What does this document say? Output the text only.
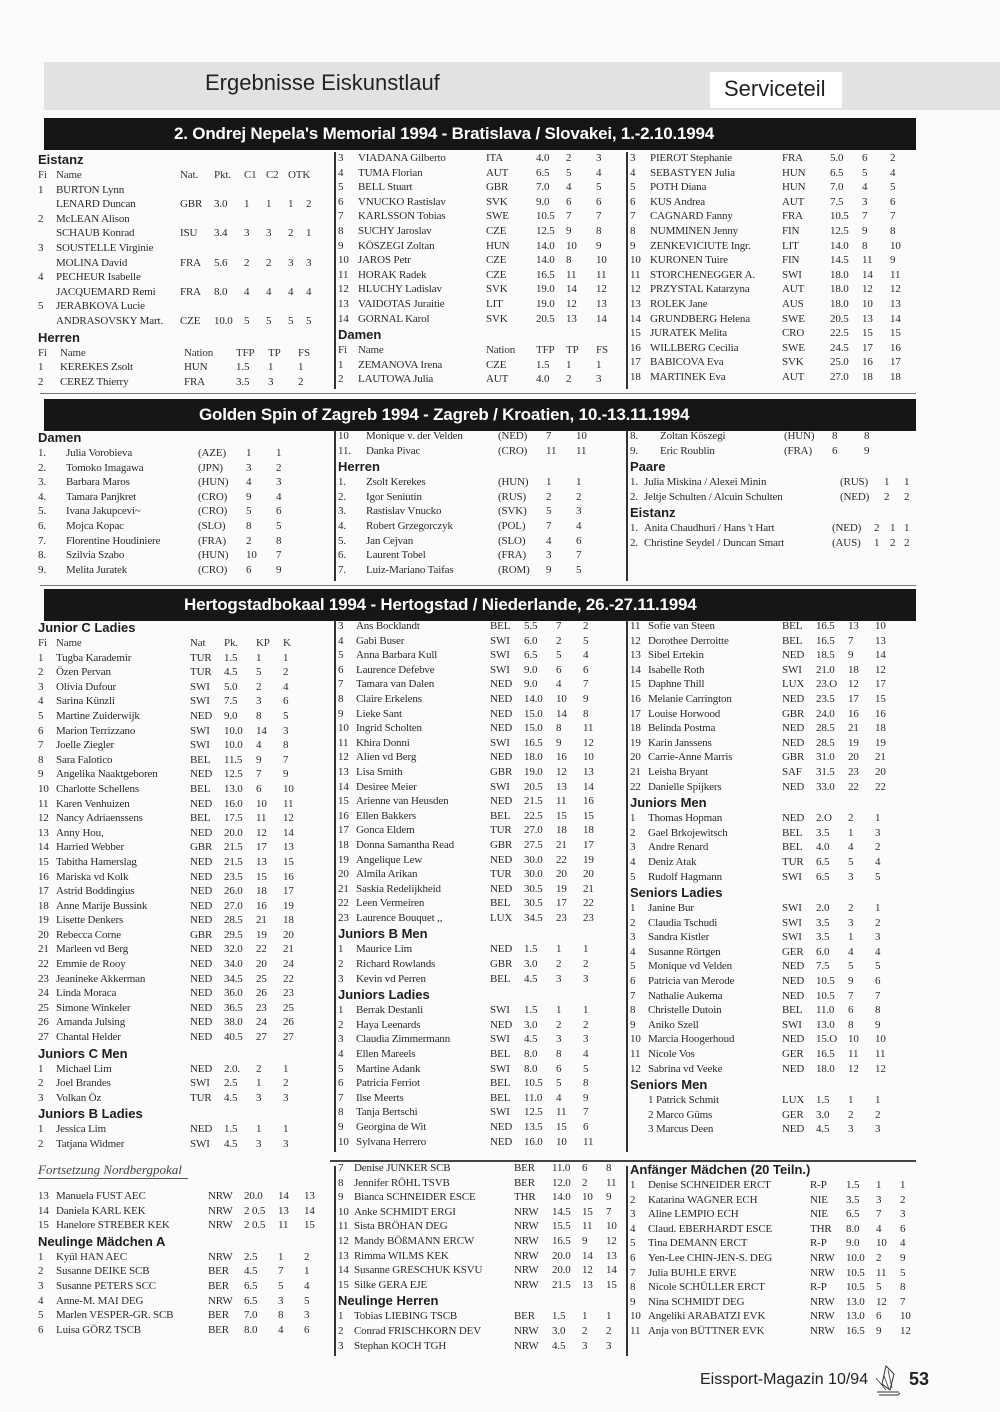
Ergebnisse Eiskunstlauf	Serviceteil
2. Ondrej Nepela's Memorial 1994 - Bratislava / Slovakei, 1.-2.10.1994
Eistanz
Fi	Name	Nat.	Pkt.	C1	C2	OTK	
1	BURTON Lynn						
	LENARD Duncan	GBR	3.0	1	1	1	2
2	McLEAN Alison						
	SCHAUB Konrad	ISU	3.4	3	3	2	1
3	SOUSTELLE Virginie						
	MOLINA David	FRA	5.6	2	2	3	3
4	PECHEUR Isabelle						
	JACQUEMARD Remi	FRA	8.0	4	4	4	4
5	JERABKOVA Lucie						
	ANDRASOVSKY Mart.	CZE	10.0	5	5	5	5
Herren
Fi	Name	Nation	TFP	TP	FS
1	KEREKES Zsolt	HUN	1.5	1	1
2	CEREZ Thierry	FRA	3.5	3	2
3	VIADANA Gilberto	ITA	4.0	2	3
4	TUMA Florian	AUT	6.5	5	4
5	BELL Stuart	GBR	7.0	4	5
6	VNUCKO Rastislav	SVK	9.0	6	6
7	KARLSSON Tobias	SWE	10.5	7	7
8	SUCHY Jaroslav	CZE	12.5	9	8
9	KÖSZEGI Zoltan	HUN	14.0	10	9
10	JAROS Petr	CZE	14.0	8	10
11	HORAK Radek	CZE	16.5	11	11
12	HLUCHY Ladislav	SVK	19.0	14	12
13	VAIDOTAS Juraitie	LIT	19.0	12	13
14	GORNAL Karol	SVK	20.5	13	14
Damen
Fi	Name	Nation	TFP	TP	FS
1	ZEMANOVA Irena	CZE	1.5	1	1
2	LAUTOWA Julia	AUT	4.0	2	3
3	PIEROT Stephanie	FRA	5.0	6	2
4	SEBASTYEN Julia	HUN	6.5	5	4
5	POTH Diana	HUN	7.0	4	5
6	KUS Andrea	AUT	7.5	3	6
7	CAGNARD Fanny	FRA	10.5	7	7
8	NUMMINEN Jenny	FIN	12.5	9	8
9	ZENKEVICIUTE Ingr.	LIT	14.0	8	10
10	KURONEN Tuire	FIN	14.5	11	9
11	STORCHENEGGER A.	SWI	18.0	14	11
12	PRZYSTAL Katarzyna	AUT	18.0	12	12
13	ROLEK Jane	AUS	18.0	10	13
14	GRUNDBERG Helena	SWE	20.5	13	14
15	JURATEK Melita	CRO	22.5	15	15
16	WILLBERG Cecilia	SWE	24.5	17	16
17	BABICOVA Eva	SVK	25.0	16	17
18	MARTINEK Eva	AUT	27.0	18	18
Golden Spin of Zagreb 1994 - Zagreb / Kroatien, 10.-13.11.1994
Damen
1.	Julia Vorobieva	(AZE)	1	1
2.	Tomoko Imagawa	(JPN)	3	2
3.	Barbara Maros	(HUN)	4	3
4.	Tamara Panjkret	(CRO)	9	4
5.	Ivana Jakupcevi~	(CRO)	5	6
6.	Mojca Kopac	(SLO)	8	5
7.	Florentine Houdiniere	(FRA)	2	8
8.	Szilvia Szabo	(HUN)	10	7
9.	Melita Juratek	(CRO)	6	9
10	Monique v. der Velden	(NED)	7	10
11.	Danka Pivac	(CRO)	11	11
Herren
1.	Zsolt Kerekes	(HUN)	1	1
2.	Igor Seniutin	(RUS)	2	2
3.	Rastislav Vnucko	(SVK)	5	3
4.	Robert Grzegorczyk	(POL)	7	4
5.	Jan Cejvan	(SLO)	4	6
6.	Laurent Tobel	(FRA)	3	7
7.	Luiz-Mariano Taifas	(ROM)	9	5
8.	Zoltan Köszegi	(HUN)	8	8
9.	Eric Roublin	(FRA)	6	9
Paare
1.	Julia Miskina / Alexei Minin	(RUS)	1	1
2.	Jeltje Schulten / Alcuin Schulten	(NED)	2	2
Eistanz
1.	Anita Chaudhuri / Hans 't Hart	(NED)	2	1	1
2.	Christine Seydel / Duncan Smart	(AUS)	1	2	2
Hertogstadbokaal 1994 - Hertogstad / Niederlande, 26.-27.11.1994
Junior C Ladies
Fi	Name	Nat	Pk.	KP	K
1	Tugba Karademir	TUR	1.5	1	1
2	Özen Pervan	TUR	4.5	5	2
3	Olivia Dufour	SWI	5.0	2	4
4	Sarina Künzli	SWI	7.5	3	6
5	Martine Zuiderwijk	NED	9.0	8	5
6	Marion Terrizzano	SWI	10.0	14	3
7	Joelle Ziegler	SWI	10.0	4	8
8	Sara Falotico	BEL	11.5	9	7
9	Angelika Naaktgeboren	NED	12.5	7	9
10	Charlotte Schellens	BEL	13.0	6	10
11	Karen Venhuizen	NED	16.0	10	11
12	Nancy Adriaenssens	BEL	17.5	11	12
13	Anny Hou,	NED	20.0	12	14
14	Harried Webber	GBR	21.5	17	13
15	Tabitha Hamerslag	NED	21.5	13	15
16	Mariska vd Kolk	NED	23.5	15	16
17	Astrid Boddingius	NED	26.0	18	17
18	Anne Marije Bussink	NED	27.0	16	19
19	Lisette Denkers	NED	28.5	21	18
20	Rebecca Corne	GBR	29.5	19	20
21	Marleen vd Berg	NED	32.0	22	21
22	Emmie de Rooy	NED	34.0	20	24
23	Jeanineke Akkerman	NED	34.5	25	22
24	Linda Moraca	NED	36.0	26	23
25	Simone Winkeler	NED	36.5	23	25
26	Amanda Julsing	NED	38.0	24	26
27	Chantal Helder	NED	40.5	27	27
Juniors C Men
1	Michael Lim	NED	2.0.	2	1
2	Joel Brandes	SWI	2.5	1	2
3	Volkan Öz	TUR	4.5	3	3
Juniors B Ladies
1	Jessica Lim	NED	1.5	1	1
2	Tatjana Widmer	SWI	4.5	3	3
3	Ans Bocklandt	BEL	5.5	7	2
4	Gabi Buser	SWI	6.0	2	5
5	Anna Barbara Kull	SWI	6.5	5	4
6	Laurence Defebve	SWI	9.0	6	6
7	Tamara van Dalen	NED	9.0	4	7
8	Claire Erkelens	NED	14.0	10	9
9	Lieke Sant	NED	15.0	14	8
10	Ingrid Scholten	NED	15.0	8	11
11	Khira Donni	SWI	16.5	9	12
12	Alien vd Berg	NED	18.0	16	10
13	Lisa Smith	GBR	19.0	12	13
14	Desiree Meier	SWI	20.5	13	14
15	Arienne van Heusden	NED	21.5	11	16
16	Ellen Bakkers	BEL	22.5	15	15
17	Gonca Eldem	TUR	27.0	18	18
18	Donna Samantha Read	GBR	27.5	21	17
19	Angelique Lew	NED	30.0	22	19
20	Almila Arikan	TUR	30.0	20	20
21	Saskia Redelijkheid	NED	30.5	19	21
22	Leen Vermeiren	BEL	30.5	17	22
23	Laurence Bouquet ,,	LUX	34.5	23	23
Juniors B Men
1	Maurice Lim	NED	1.5	1	1
2	Richard Rowlands	GBR	3.0	2	2
3	Kevin vd Perren	BEL	4.5	3	3
Juniors Ladies
1	Berrak Destanli	SWI	1.5	1	1
2	Haya Leenards	NED	3.0	2	2
3	Claudia Zimmermann	SWI	4.5	3	3
4	Ellen Mareels	BEL	8.0	8	4
5	Martine Adank	SWI	8.0	6	5
6	Patricia Ferriot	BEL	10.5	5	8
7	Ilse Meerts	BEL	11.0	4	9
8	Tanja Bertschi	SWI	12.5	11	7
9	Georgina de Wit	NED	13.5	15	6
10	Sylvana Herrero	NED	16.0	10	11
11	Sofie van Steen	BEL	16.5	13	10
12	Dorothee Derroitte	BEL	16.5	7	13
13	Sibel Ertekin	NED	18.5	9	14
14	Isabelle Roth	SWI	21.0	18	12
15	Daphne Thill	LUX	23.O	12	17
16	Melanie Carrington	NED	23.5	17	15
17	Louise Horwood	GBR	24.0	16	16
18	Belinda Postma	NED	28.5	21	18
19	Karin Janssens	NED	28.5	19	19
20	Carrie-Anne Marris	GBR	31.0	20	21
21	Leisha Bryant	SAF	31.5	23	20
22	Danielle Spijkers	NED	33.0	22	22
Juniors Men
1	Thomas Hopman	NED	2.O	2	1
2	Gael Brkojewitsch	BEL	3.5	1	3
3	Andre Renard	BEL	4.0	4	2
4	Deniz Atak	TUR	6.5	5	4
5	Rudolf Hagmann	SWI	6.5	3	5
Seniors Ladies
1	Janine Bur	SWI	2.0	2	1
2	Claudia Tschudi	SWI	3.5	3	2
3	Sandra Kistler	SWI	3.5	1	3
4	Susanne Rörtgen	GER	6.0	4	4
5	Monique vd Velden	NED	7.5	5	5
6	Patricia van Merode	NED	10.5	9	6
7	Nathalie Aukema	NED	10.5	7	7
8	Christelle Dutoin	BEL	11.0	6	8
9	Aniko Szell	SWI	13.0	8	9
10	Marcia Hoogerhoud	NED	15.O	10	10
11	Nicole Vos	GER	16.5	11	11
12	Sabrina vd Veeke	NED	18.0	12	12
Seniors Men
	1 Patrick Schmit	LUX	1.5	1	1
	2 Marco Güms	GER	3.0	2	2
	3 Marcus Deen	NED	4.5	3	3
Fortsetzung Nordbergpokal
13	Manuela FUST AEC	NRW	20.0	14	13
14	Daniela KARL KEK	NRW	2 0.5	13	14
15	Hanelore STREBER KEK	NRW	2 0.5	11	15
Neulinge Mädchen A
1	Kyül HAN AEC	NRW	2.5	1	2
2	Susanne DEIKE SCB	BER	4.5	7	1
3	Susanne PETERS SCC	BER	6.5	5	4
4	Anne-M. MAI DEG	NRW	6.5	3	5
5	Marlen VESPER-GR. SCB	BER	7.0	8	3
6	Luisa GÖRZ TSCB	BER	8.0	4	6
7	Denise JUNKER SCB	BER	11.0	6	8
8	Jennifer RÖHL TSVB	BER	12.0	2	11
9	Bianca SCHNEIDER ESCE	THR	14.0	10	9
10	Anke SCHMIDT ERGI	NRW	14.5	15	7
11	Sista BRÖHAN DEG	NRW	15.5	11	10
12	Mandy BÖßMANN ERCW	NRW	16.5	9	12
13	Rimma WILMS KEK	NRW	20.0	14	13
14	Susanne GRESCHUK KSVU	NRW	20.0	12	14
15	Silke GERA EJE	NRW	21.5	13	15
Neulinge Herren
1	Tobias LIEBING TSCB	BER	1.5	1	1
2	Conrad FRISCHKORN DEV	NRW	3.0	2	2
3	Stephan KOCH TGH	NRW	4.5	3	3
Anfänger Mädchen (20 Teiln.)
1	Denise SCHNEIDER ERCT	R-P	1.5	1	1
2	Katarina WAGNER ECH	NIE	3.5	3	2
3	Aline LEMPIO ECH	NIE	6.5	7	3
4	Claud. EBERHARDT ESCE	THR	8.0	4	6
5	Tina DEMANN ERCT	R-P	9.0	10	4
6	Yen-Lee CHIN-JEN-S. DEG	NRW	10.0	2	9
7	Julia BUHLE ERVE	NRW	10.5	11	5
8	Nicole SCHÜLLER ERCT	R-P	10.5	5	8
9	Nina SCHMIDT DEG	NRW	13.0	12	7
10	Angeliki ARABATZI EVK	NRW	13.0	6	10
11	Anja von BÜTTNER EVK	NRW	16.5	9	12
Eissport-Magazin 10/94 53
